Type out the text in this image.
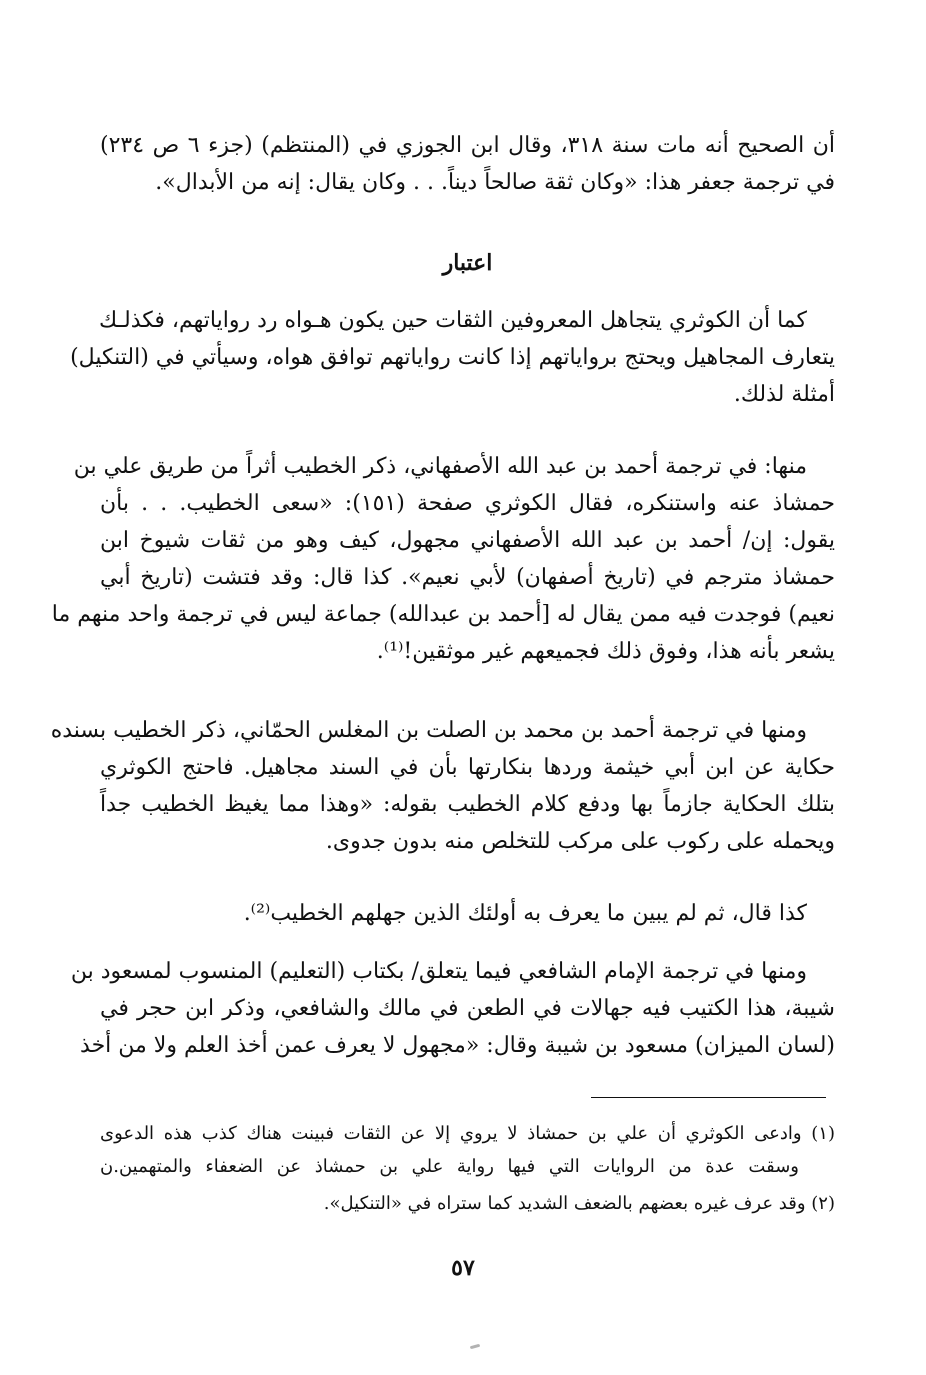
أن الصحيح أنه مات سنة ٣١٨، وقال ابن الجوزي في (المنتظم) (جزء ٦ ص ٢٣٤)
في ترجمة جعفر هذا: «وكان ثقة صالحاً ديناً. . . وكان يقال: إنه من الأبدال».
اعتبار
كما أن الكوثري يتجاهل المعروفين الثقات حين يكون هـواه رد رواياتهم، فكذلـك
يتعارف المجاهيل ويحتج برواياتهم إذا كانت رواياتهم توافق هواه، وسيأتي في (التنكيل)
أمثلة لذلك.
منها: في ترجمة أحمد بن عبد الله الأصفهاني، ذكر الخطيب أثراً من طريق علي بن
حمشاذ عنه واستنكره، فقال الكوثري صفحة (١٥١): «سعى الخطيب. . . بأن
يقول: إن/ أحمد بن عبد الله الأصفهاني مجهول، كيف وهو من ثقات شيوخ ابن
حمشاذ مترجم في (تاريخ أصفهان) لأبي نعيم». كذا قال: وقد فتشت (تاريخ أبي
نعيم) فوجدت فيه ممن يقال له [أحمد بن عبدالله) جماعة ليس في ترجمة واحد منهم ما
يشعر بأنه هذا، وفوق ذلك فجميعهم غير موثقين!⁽¹⁾.
ومنها في ترجمة أحمد بن محمد بن الصلت بن المغلس الحمّاني، ذكر الخطيب بسنده
حكاية عن ابن أبي خيثمة وردها بنكارتها بأن في السند مجاهيل. فاحتج الكوثري
بتلك الحكاية جازماً بها ودفع كلام الخطيب بقوله: «وهذا مما يغيظ الخطيب جداً
ويحمله على ركوب على مركب للتخلص منه بدون جدوى.
كذا قال، ثم لم يبين ما يعرف به أولئك الذين جهلهم الخطيب⁽²⁾.
ومنها في ترجمة الإمام الشافعي فيما يتعلق/ بكتاب (التعليم) المنسوب لمسعود بن
شيبة، هذا الكتيب فيه جهالات في الطعن في مالك والشافعي، وذكر ابن حجر في
(لسان الميزان) مسعود بن شيبة وقال: «مجهول لا يعرف عمن أخذ العلم ولا من أخذ
(١) وادعى الكوثري أن علي بن حمشاذ لا يروي إلا عن الثقات فبينت هناك كذب هذه الدعوى
وسقت عدة من الروايات التي فيها رواية علي بن حمشاذ عن الضعفاء والمتهمين.ن
(٢) وقد عرف غيره بعضهم بالضعف الشديد كما ستراه في «التنكيل».
٥٧
